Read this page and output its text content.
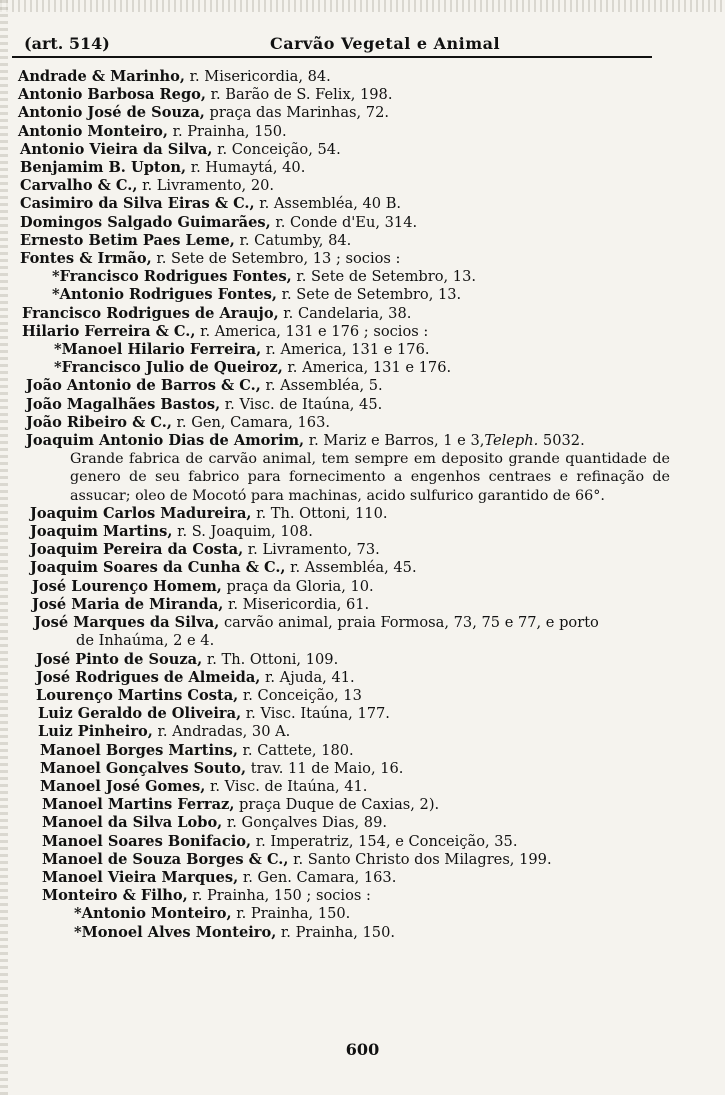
(art. 514)	Carvão Vegetal e Animal
Andrade & Marinho, r. Misericordia, 84.
Antonio Barbosa Rego, r. Barão de S. Felix, 198.
Antonio José de Souza, praça das Marinhas, 72.
Antonio Monteiro, r. Prainha, 150.
Antonio Vieira da Silva, r. Conceição, 54.
Benjamim B. Upton, r. Humaytá, 40.
Carvalho & C., r. Livramento, 20.
Casimiro da Silva Eiras & C., r. Assembléa, 40 B.
Domingos Salgado Guimarães, r. Conde d'Eu, 314.
Ernesto Betim Paes Leme, r. Catumby, 84.
Fontes & Irmão, r. Sete de Setembro, 13 ; socios :
*Francisco Rodrigues Fontes, r. Sete de Setembro, 13.
*Antonio Rodrigues Fontes, r. Sete de Setembro, 13.
Francisco Rodrigues de Araujo, r. Candelaria, 38.
Hilario Ferreira & C., r. America, 131 e 176 ; socios :
*Manoel Hilario Ferreira, r. America, 131 e 176.
*Francisco Julio de Queiroz, r. America, 131 e 176.
João Antonio de Barros & C., r. Assembléa, 5.
João Magalhães Bastos, r. Visc. de Itaúna, 45.
João Ribeiro & C., r. Gen, Camara, 163.
Joaquim Antonio Dias de Amorim, r. Mariz e Barros, 1 e 3,Teleph. 5032.
Grande fabrica de carvão animal, tem sempre em deposito grande quantidade de genero de seu fabrico para fornecimento a engenhos centraes e refinação de assucar; oleo de Mocotó para machinas, acido sulfurico garantido de 66°.
Joaquim Carlos Madureira, r. Th. Ottoni, 110.
Joaquim Martins, r. S. Joaquim, 108.
Joaquim Pereira da Costa, r. Livramento, 73.
Joaquim Soares da Cunha & C., r. Assembléa, 45.
José Lourenço Homem, praça da Gloria, 10.
José Maria de Miranda, r. Misericordia, 61.
José Marques da Silva, carvão animal, praia Formosa, 73, 75 e 77, e porto
de Inhaúma, 2 e 4.
José Pinto de Souza, r. Th. Ottoni, 109.
José Rodrigues de Almeida, r. Ajuda, 41.
Lourenço Martins Costa, r. Conceição, 13
Luiz Geraldo de Oliveira, r. Visc. Itaúna, 177.
Luiz Pinheiro, r. Andradas, 30 A.
Manoel Borges Martins, r. Cattete, 180.
Manoel Gonçalves Souto, trav. 11 de Maio, 16.
Manoel José Gomes, r. Visc. de Itaúna, 41.
Manoel Martins Ferraz, praça Duque de Caxias, 2).
Manoel da Silva Lobo, r. Gonçalves Dias, 89.
Manoel Soares Bonifacio, r. Imperatriz, 154, e Conceição, 35.
Manoel de Souza Borges & C., r. Santo Christo dos Milagres, 199.
Manoel Vieira Marques, r. Gen. Camara, 163.
Monteiro & Filho, r. Prainha, 150 ; socios :
*Antonio Monteiro, r. Prainha, 150.
*Monoel Alves Monteiro, r. Prainha, 150.
600
